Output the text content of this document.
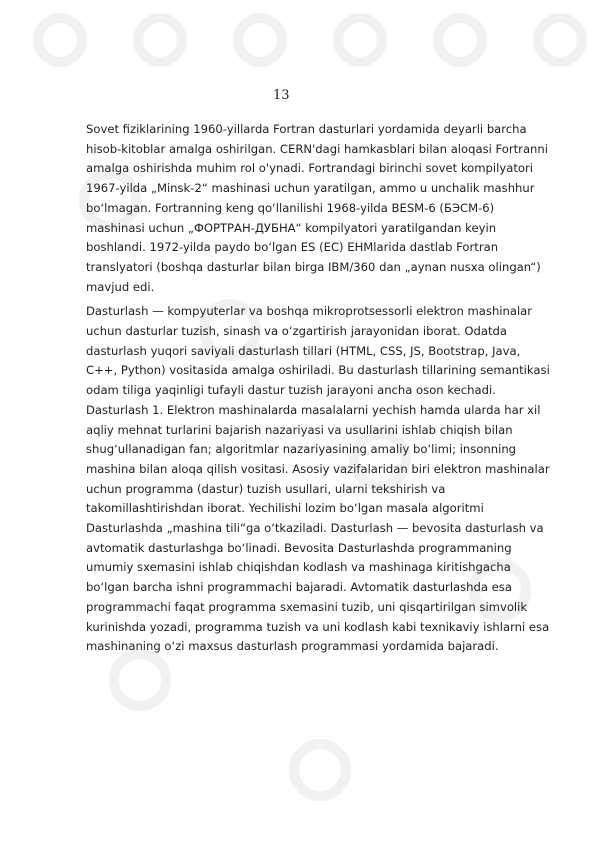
13

Sovet fiziklarining 1960-yillarda Fortran dasturlari yordamida deyarli barcha hisob-kitoblar amalga oshirilgan. CERN'dagi hamkasblari bilan aloqasi Fortranni amalga oshirishda muhim rol o'ynadi. Fortrandagi birinchi sovet kompilyatori 1967-yilda „Minsk-2“ mashinasi uchun yaratilgan, ammo u unchalik mashhur bo‘lmagan. Fortranning keng qo‘llanilishi 1968-yilda BESM-6 (БЭСМ-6) mashinasi uchun „ФОРТРАН-ДУБНА“ kompilyatori yaratilgandan keyin boshlandi. 1972-yilda paydo bo‘lgan ES (ЕС) EHMlarida dastlab Fortran translyatori (boshqa dasturlar bilan birga IBM/360 dan „aynan nusxa olingan“) mavjud edi.

Dasturlash — kompyuterlar va boshqa mikroprotsessorli elektron mashinalar uchun dasturlar tuzish, sinash va o‘zgartirish jarayonidan iborat. Odatda dasturlash yuqori saviyali dasturlash tillari (HTML, CSS, JS, Bootstrap, Java, C++, Python) vositasida amalga oshiriladi. Bu dasturlash tillarining semantikasi odam tiliga yaqinligi tufayli dastur tuzish jarayoni ancha oson kechadi. Dasturlash 1. Elektron mashinalarda masalalarni yechish hamda ularda har xil aqliy mehnat turlarini bajarish nazariyasi va usullarini ishlab chiqish bilan shug‘ullanadigan fan; algoritmlar nazariyasining amaliy bo‘limi; insonning mashina bilan aloqa qilish vositasi. Asosiy vazifalaridan biri elektron mashinalar uchun programma (dastur) tuzish usullari, ularni tekshirish va takomillashtirishdan iborat. Yechilishi lozim bo‘lgan masala algoritmi Dasturlashda „mashina tili“ga o‘tkaziladi. Dasturlash — bevosita dasturlash va avtomatik dasturlashga bo‘linadi. Bevosita Dasturlashda programmaning umumiy sxemasini ishlab chiqishdan kodlash va mashinaga kiritishgacha bo‘lgan barcha ishni programmachi bajaradi. Avtomatik dasturlashda esa programmachi faqat programma sxemasini tuzib, uni qisqartirilgan simvolik kurinishda yozadi, programma tuzish va uni kodlash kabi texnikaviy ishlarni esa mashinaning o‘zi maxsus dasturlash programmasi yordamida bajaradi.
